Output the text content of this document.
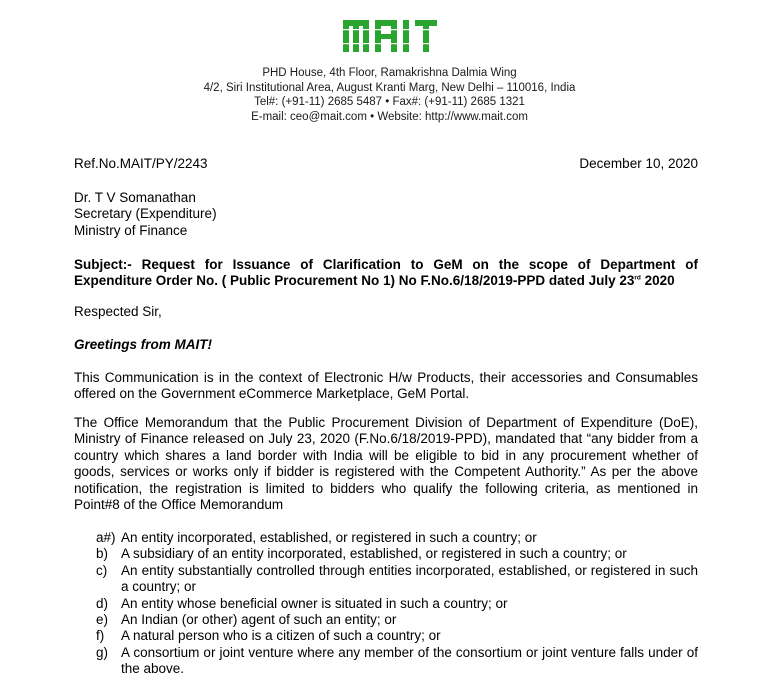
PHD House, 4th Floor, Ramakrishna Dalmia Wing
4/2, Siri Institutional Area, August Kranti Marg, New Delhi – 110016, India
Tel#: (+91-11) 2685 5487 • Fax#: (+91-11) 2685 1321
E-mail: ceo@mait.com • Website: http://www.mait.com
Ref.No.MAIT/PY/2243	December 10, 2020
Dr. T V Somanathan
Secretary (Expenditure)
Ministry of Finance
Subject:- Request for Issuance of Clarification to GeM on the scope of Department of Expenditure Order No. ( Public Procurement No 1) No F.No.6/18/2019-PPD dated July 23rd 2020
Respected Sir,
Greetings from MAIT!
This Communication is in the context of Electronic H/w Products, their accessories and Consumables offered on the Government eCommerce Marketplace, GeM Portal.
The Office Memorandum that the Public Procurement Division of Department of Expenditure (DoE), Ministry of Finance released on July 23, 2020 (F.No.6/18/2019-PPD), mandated that “any bidder from a country which shares a land border with India will be eligible to bid in any procurement whether of goods, services or works only if bidder is registered with the Competent Authority.” As per the above notification, the registration is limited to bidders who qualify the following criteria, as mentioned in Point#8 of the Office Memorandum
a#) An entity incorporated, established, or registered in such a country; or
b) A subsidiary of an entity incorporated, established, or registered in such a country; or
c)	An entity substantially controlled through entities incorporated, established, or registered in such a country; or
d) An entity whose beneficial owner is situated in such a country; or
e) An Indian (or other) agent of such an entity; or
f)	A natural person who is a citizen of such a country; or
g) A consortium or joint venture where any member of the consortium or joint venture falls under of the above.
